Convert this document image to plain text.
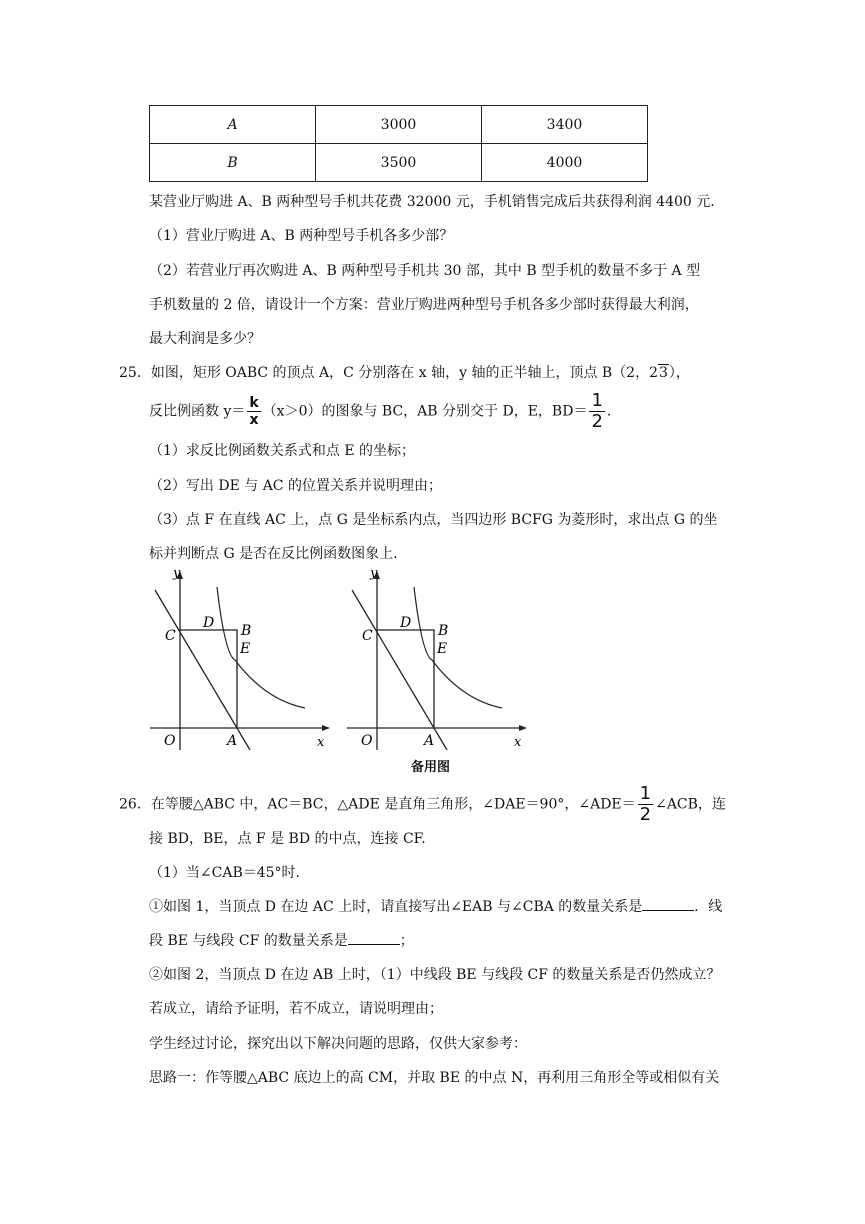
A	3000	3400
B	3500	4000
某营业厅购进 A、B 两种型号手机共花费 32000 元，手机销售完成后共获得利润 4400 元.
（1）营业厅购进 A、B 两种型号手机各多少部？
（2）若营业厅再次购进 A、B 两种型号手机共 30 部，其中 B 型手机的数量不多于 A 型
手机数量的 2 倍，请设计一个方案：营业厅购进两种型号手机各多少部时获得最大利润，
最大利润是多少？
25．如图，矩形 OABC 的顶点 A，C 分别落在 x 轴，y 轴的正半轴上，顶点 B（2，23），
反比例函数 $y= \frac{k}{x} (x>0)$的图象与 BC，AB 分别交于 D，E，$BD= \frac{1}{2}$ .
（1）求反比例函数关系式和点 E 的坐标；
（2）写出 DE 与 AC 的位置关系并说明理由；
（3）点 F 在直线 AC 上，点 G 是坐标系内点，当四边形 BCFG 为菱形时，求出点 G 的坐
标并判断点 G 是否在反比例函数图象上.
y
x
O	A
C
D B
E
y
x
O	A
C
D B
E
备用图
26．在等腰△ABC 中，AC＝BC，△ADE 是直角三角形，∠DAE＝90°，∠ADE＝ $\frac{1}{2}$ ∠ACB，连
接 BD，BE，点 F 是 BD 的中点，连接 CF.
（1）当∠CAB＝45°时.
①如图 1，当顶点 D 在边 AC 上时，请直接写出∠EAB 与∠CBA 的数量关系是	．线
段 BE 与线段 CF 的数量关系是	；
②如图 2，当顶点 D 在边 AB 上时，（1）中线段 BE 与线段 CF 的数量关系是否仍然成立？
若成立，请给予证明，若不成立，请说明理由；
学生经过讨论，探究出以下解决问题的思路，仅供大家参考：
思路一：作等腰△ABC 底边上的高 CM，并取 BE 的中点 N，再利用三角形全等或相似有关
